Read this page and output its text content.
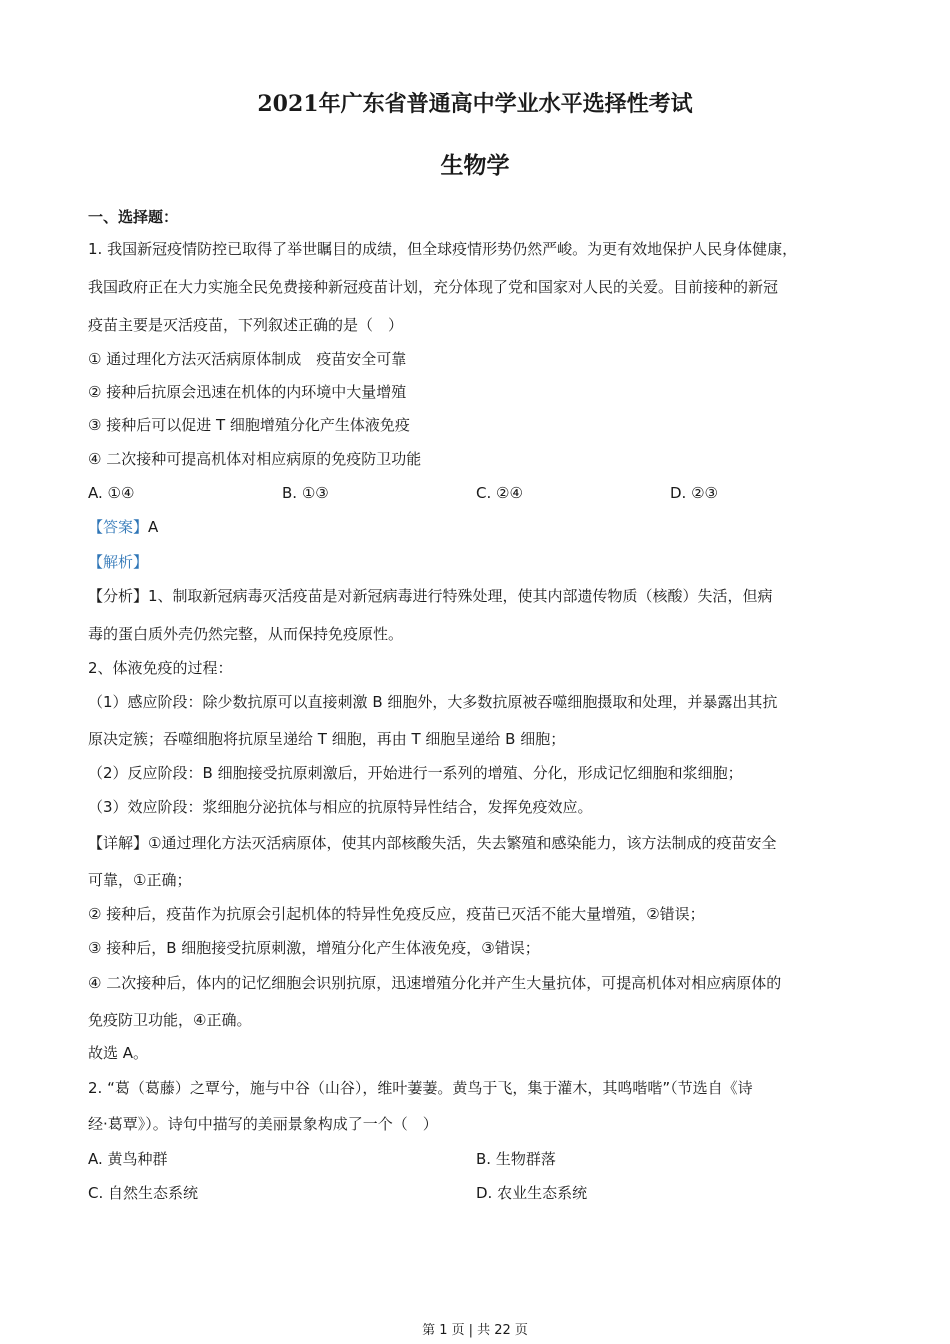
2021年广东省普通高中学业水平选择性考试
生物学
一、选择题：
1. 我国新冠疫情防控已取得了举世瞩目的成绩，但全球疫情形势仍然严峻。为更有效地保护人民身体健康，
我国政府正在大力实施全民免费接种新冠疫苗计划，充分体现了党和国家对人民的关爱。目前接种的新冠
疫苗主要是灭活疫苗，下列叙述正确的是（　）
① 通过理化方法灭活病原体制成　疫苗安全可靠
② 接种后抗原会迅速在机体的内环境中大量增殖
③ 接种后可以促进 T 细胞增殖分化产生体液免疫
④ 二次接种可提高机体对相应病原的免疫防卫功能
A. ①④	B. ①③	C. ②④	D. ②③
【答案】A
【解析】
【分析】1、制取新冠病毒灭活疫苗是对新冠病毒进行特殊处理，使其内部遗传物质（核酸）失活，但病
毒的蛋白质外壳仍然完整，从而保持免疫原性。
2、体液免疫的过程：
（1）感应阶段：除少数抗原可以直接刺激 B 细胞外，大多数抗原被吞噬细胞摄取和处理，并暴露出其抗
原决定簇；吞噬细胞将抗原呈递给 T 细胞，再由 T 细胞呈递给 B 细胞；
（2）反应阶段：B 细胞接受抗原刺激后，开始进行一系列的增殖、分化，形成记忆细胞和浆细胞；
（3）效应阶段：浆细胞分泌抗体与相应的抗原特异性结合，发挥免疫效应。
【详解】①通过理化方法灭活病原体，使其内部核酸失活，失去繁殖和感染能力，该方法制成的疫苗安全
可靠，①正确；
② 接种后，疫苗作为抗原会引起机体的特异性免疫反应，疫苗已灭活不能大量增殖，②错误；
③ 接种后，B 细胞接受抗原刺激，增殖分化产生体液免疫，③错误；
④ 二次接种后，体内的记忆细胞会识别抗原，迅速增殖分化并产生大量抗体，可提高机体对相应病原体的
免疫防卫功能，④正确。
故选 A。
2. “葛（葛藤）之覃兮，施与中谷（山谷），维叶萋萋。黄鸟于飞，集于灌木，其鸣喈喈”（节选自《诗
经·葛覃》）。诗句中描写的美丽景象构成了一个（　）
A. 黄鸟种群	B. 生物群落
C. 自然生态系统	D. 农业生态系统
第 1 页 | 共 22 页
